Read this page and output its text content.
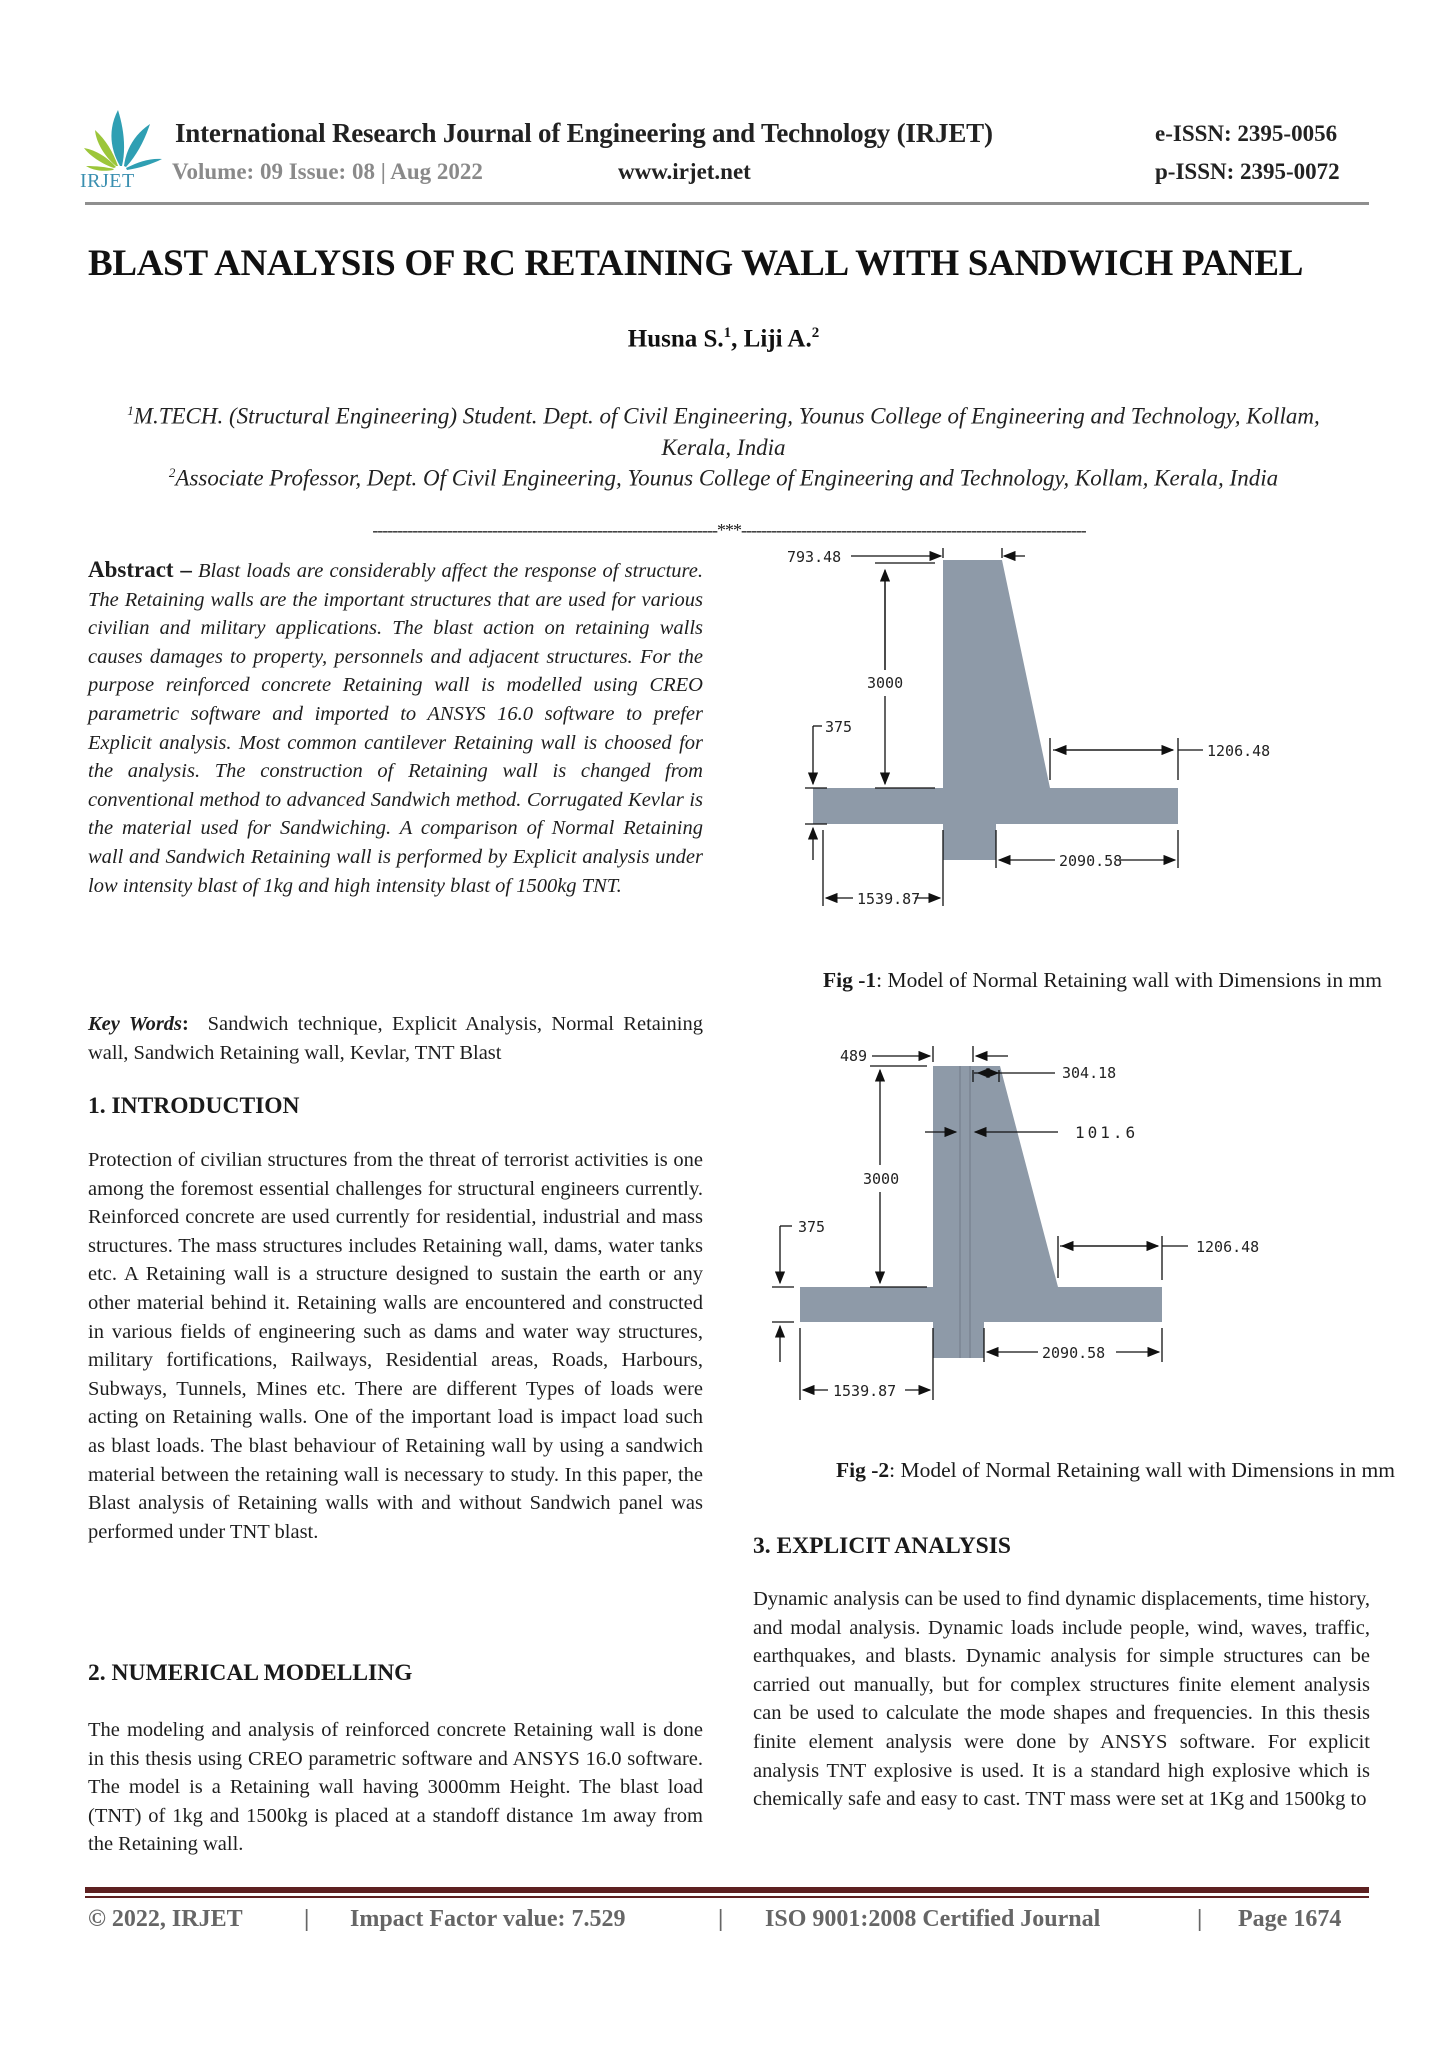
IRJET
International Research Journal of Engineering and Technology (IRJET)	e-ISSN: 2395-0056
Volume: 09 Issue: 08 | Aug 2022	www.irjet.net	p-ISSN: 2395-0072
BLAST ANALYSIS OF RC RETAINING WALL WITH SANDWICH PANEL
Husna S.$^1$, Liji A.$^2$
$^1$M.TECH. (Structural Engineering) Student. Dept. of Civil Engineering, Younus College of Engineering and Technology, Kollam, Kerala, India
$^2$Associate Professor, Dept. Of Civil Engineering, Younus College of Engineering and Technology, Kollam, Kerala, India
---------------------------------------------------------------------***---------------------------------------------------------------------

Abstract – Blast loads are considerably affect the response of structure. The Retaining walls are the important structures that are used for various civilian and military applications. The blast action on retaining walls causes damages to property, personnels and adjacent structures. For the purpose reinforced concrete Retaining wall is modelled using CREO parametric software and imported to ANSYS 16.0 software to prefer Explicit analysis. Most common cantilever Retaining wall is choosed for the analysis. The construction of Retaining wall is changed from conventional method to advanced Sandwich method. Corrugated Kevlar is the material used for Sandwiching. A comparison of Normal Retaining wall and Sandwich Retaining wall is performed by Explicit analysis under low intensity blast of 1kg and high intensity blast of 1500kg TNT.

Key Words: Sandwich technique, Explicit Analysis, Normal Retaining wall, Sandwich Retaining wall, Kevlar, TNT Blast

1. INTRODUCTION

Protection of civilian structures from the threat of terrorist activities is one among the foremost essential challenges for structural engineers currently. Reinforced concrete are used currently for residential, industrial and mass structures. The mass structures includes Retaining wall, dams, water tanks etc. A Retaining wall is a structure designed to sustain the earth or any other material behind it. Retaining walls are encountered and constructed in various fields of engineering such as dams and water way structures, military fortifications, Railways, Residential areas, Roads, Harbours, Subways, Tunnels, Mines etc. There are different Types of loads were acting on Retaining walls. One of the important load is impact load such as blast loads. The blast behaviour of Retaining wall by using a sandwich material between the retaining wall is necessary to study. In this paper, the Blast analysis of Retaining walls with and without Sandwich panel was performed under TNT blast.

2. NUMERICAL MODELLING

The modeling and analysis of reinforced concrete Retaining wall is done in this thesis using CREO parametric software and ANSYS 16.0 software. The model is a Retaining wall having 3000mm Height. The blast load (TNT) of 1kg and 1500kg is placed at a standoff distance 1m away from the Retaining wall.

793.48
3000
375
1206.48
2090.58
1539.87
Fig -1: Model of Normal Retaining wall with Dimensions in mm
489
304.18
101.6
3000
375
1206.48
2090.58
1539.87
Fig -2: Model of Normal Retaining wall with Dimensions in mm
3. EXPLICIT ANALYSIS

Dynamic analysis can be used to find dynamic displacements, time history, and modal analysis. Dynamic loads include people, wind, waves, traffic, earthquakes, and blasts. Dynamic analysis for simple structures can be carried out manually, but for complex structures finite element analysis can be used to calculate the mode shapes and frequencies. In this thesis finite element analysis were done by ANSYS software. For explicit analysis TNT explosive is used. It is a standard high explosive which is chemically safe and easy to cast. TNT mass were set at 1Kg and 1500kg to

© 2022, IRJET	| Impact Factor value: 7.529	| ISO 9001:2008 Certified Journal	| Page 1674
